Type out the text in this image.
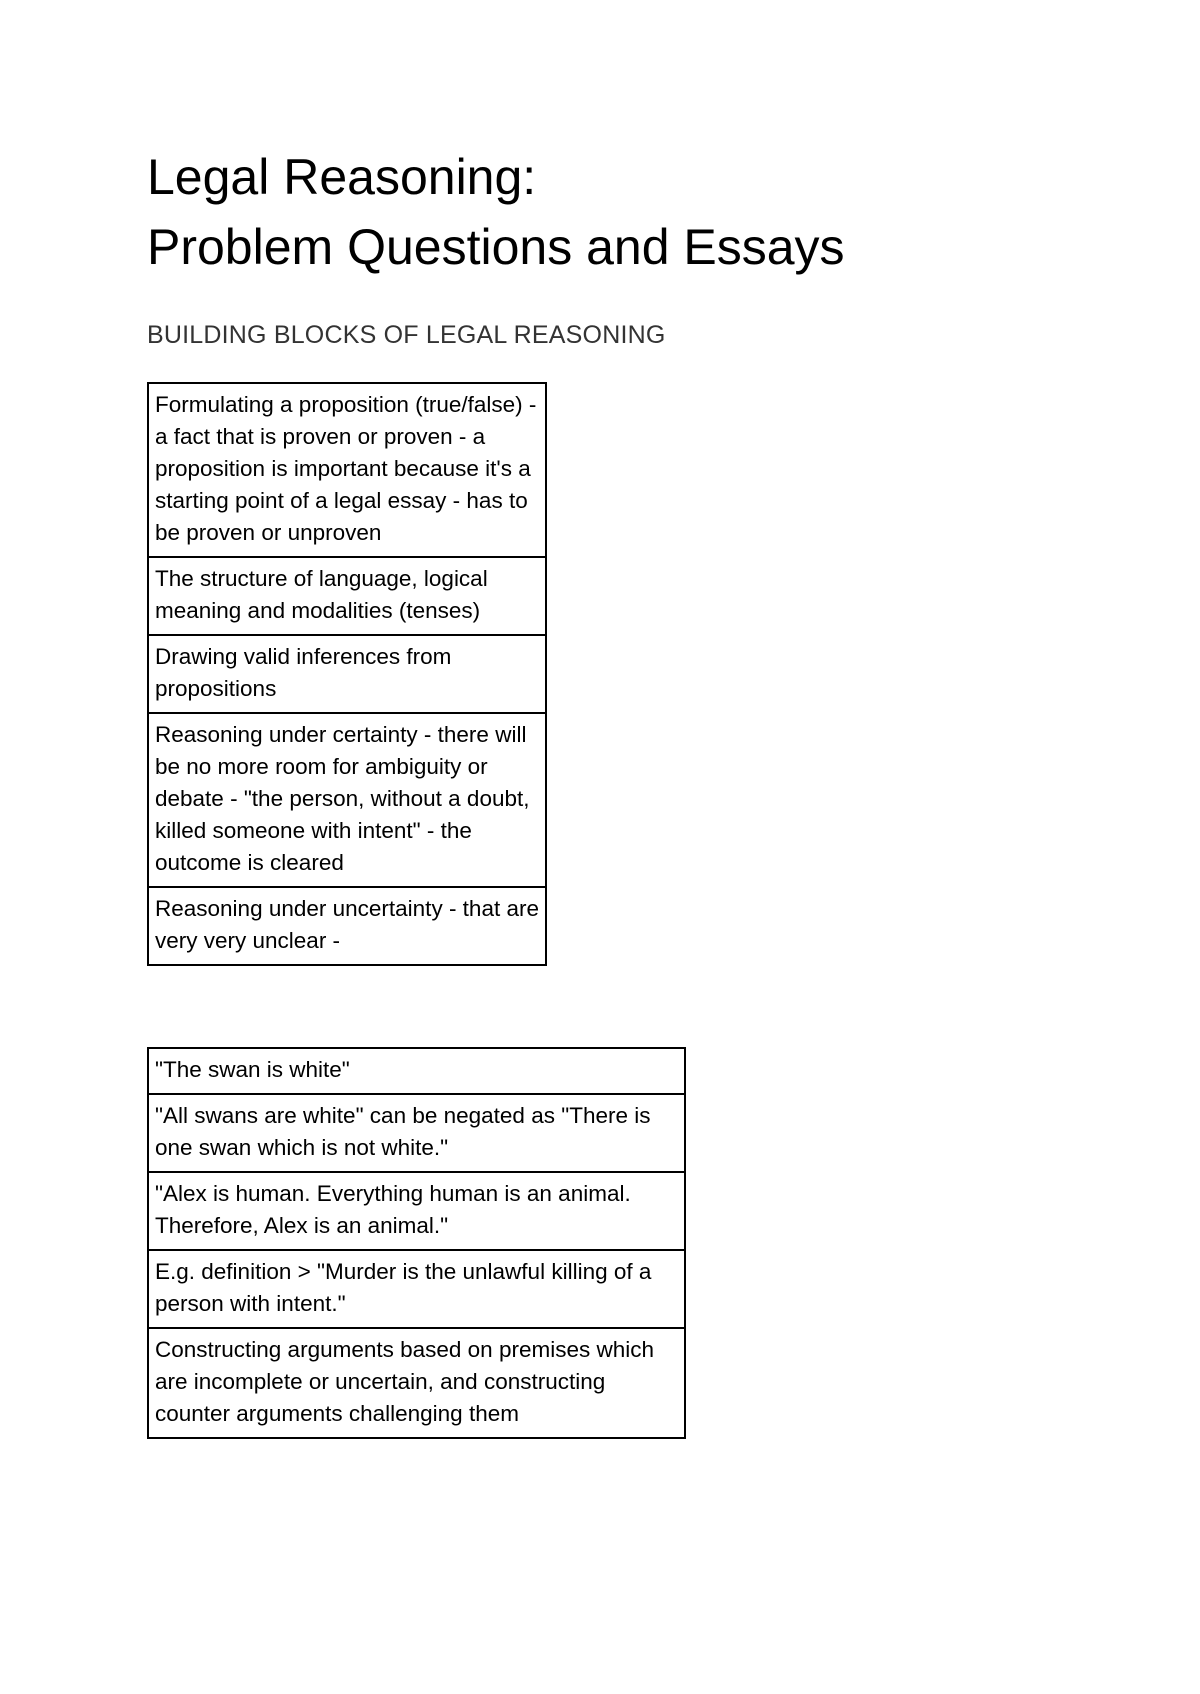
Legal Reasoning:
Problem Questions and Essays
BUILDING BLOCKS OF LEGAL REASONING
Formulating a proposition (true/false) - a fact that is proven or proven - a proposition is important because it's a starting point of a legal essay - has to be proven or unproven
The structure of language, logical meaning and modalities (tenses)
Drawing valid inferences from propositions
Reasoning under certainty - there will be no more room for ambiguity or debate - "the person, without a doubt, killed someone with intent" - the outcome is cleared
Reasoning under uncertainty - that are very very unclear -
"The swan is white"
"All swans are white" can be negated as "There is one swan which is not white."
"Alex is human. Everything human is an animal. Therefore, Alex is an animal."
E.g. definition > "Murder is the unlawful killing of a person with intent."
Constructing arguments based on premises which are incomplete or uncertain, and constructing counter arguments challenging them
